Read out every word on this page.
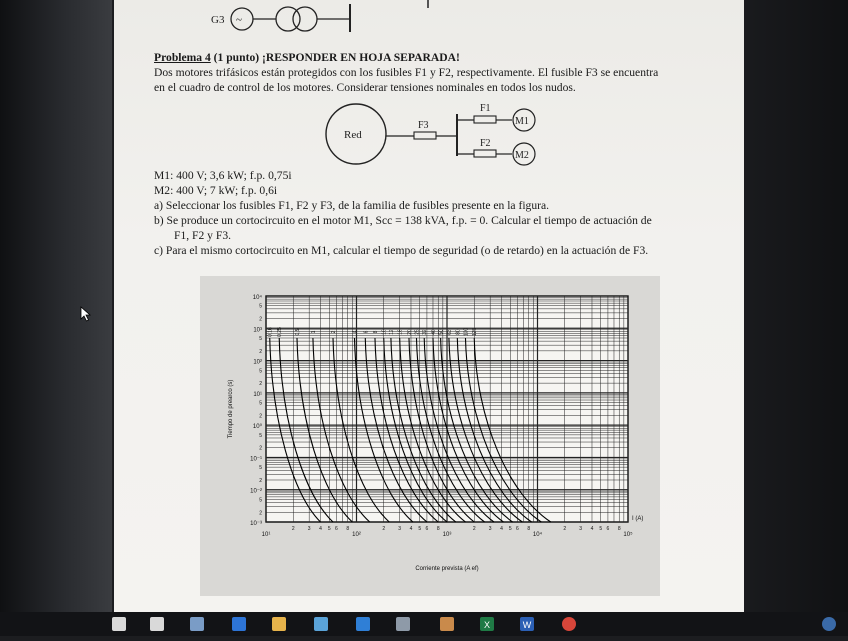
G3 ~

Problema 4 (1 punto) ¡RESPONDER EN HOJA SEPARADA!

Dos motores trifásicos están protegidos con los fusibles F1 y F2, respectivamente. El fusible F3 se encuentra

en el cuadro de control de los motores. Considerar tensiones nominales en todos los nudos.

Red
F3
F1
M1
F2
M2

M1: 400 V; 3,6 kW; f.p. 0,75i

M2: 400 V; 7 kW; f.p. 0,6i

a) Seleccionar los fusibles F1, F2 y F3, de la familia de fusibles presente en la figura.

b) Se produce un cortocircuito en el motor M1, Scc = 138 kVA, f.p. = 0. Calcular el tiempo de actuación de

F1, F2 y F3.

c) Para el mismo cortocircuito en M1, calcular el tiempo de seguridad (o de retardo) en la actuación de F3.

10⁻³
2
5
10⁻²
2
5
10⁻¹
2
5
10⁰
2
5
10¹
2
5
10²
2
5
10³
2
5
10⁴
10¹
2	3 4 5 6 8
10²
2	3 4 5 6 8
10³
2	3 4 5 6 8
10⁴
2	3 4 5 6 8
10⁵
I (A)
Corriente prevista (A ef)
Tiempo de prearco (s)
0,16 0,25 0,5 1	2	4 6 8 10 12 16 20 25 32 40 50 63 80 100 125
X	W
